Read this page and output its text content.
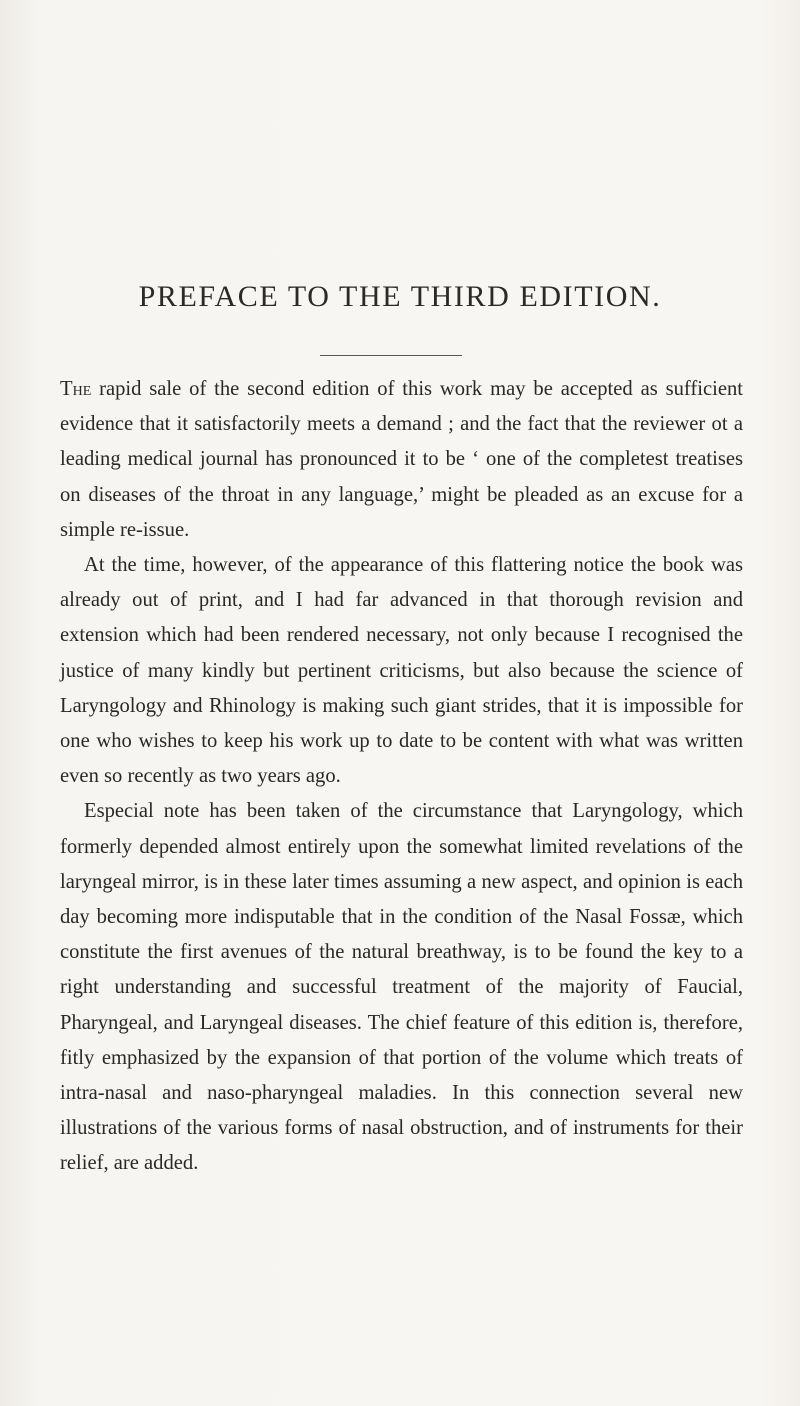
PREFACE TO THE THIRD EDITION.

The rapid sale of the second edition of this work may be accepted as sufficient evidence that it satisfactorily meets a demand ; and the fact that the reviewer ot a leading medical journal has pronounced it to be ‘ one of the completest treatises on diseases of the throat in any language,’ might be pleaded as an excuse for a simple re-issue.

At the time, however, of the appearance of this flattering notice the book was already out of print, and I had far advanced in that thorough revision and extension which had been rendered necessary, not only because I recognised the justice of many kindly but pertinent criticisms, but also because the science of Laryngology and Rhinology is making such giant strides, that it is impossible for one who wishes to keep his work up to date to be content with what was written even so recently as two years ago.

Especial note has been taken of the circumstance that Laryngology, which formerly depended almost entirely upon the somewhat limited revelations of the laryngeal mirror, is in these later times assuming a new aspect, and opinion is each day becoming more indisputable that in the condition of the Nasal Fossæ, which constitute the first avenues of the natural breathway, is to be found the key to a right understanding and successful treatment of the majority of Faucial, Pharyngeal, and Laryngeal diseases. The chief feature of this edition is, therefore, fitly emphasized by the expansion of that portion of the volume which treats of intra-nasal and naso-pharyngeal maladies. In this connection several new illustrations of the various forms of nasal obstruction, and of instruments for their relief, are added.
